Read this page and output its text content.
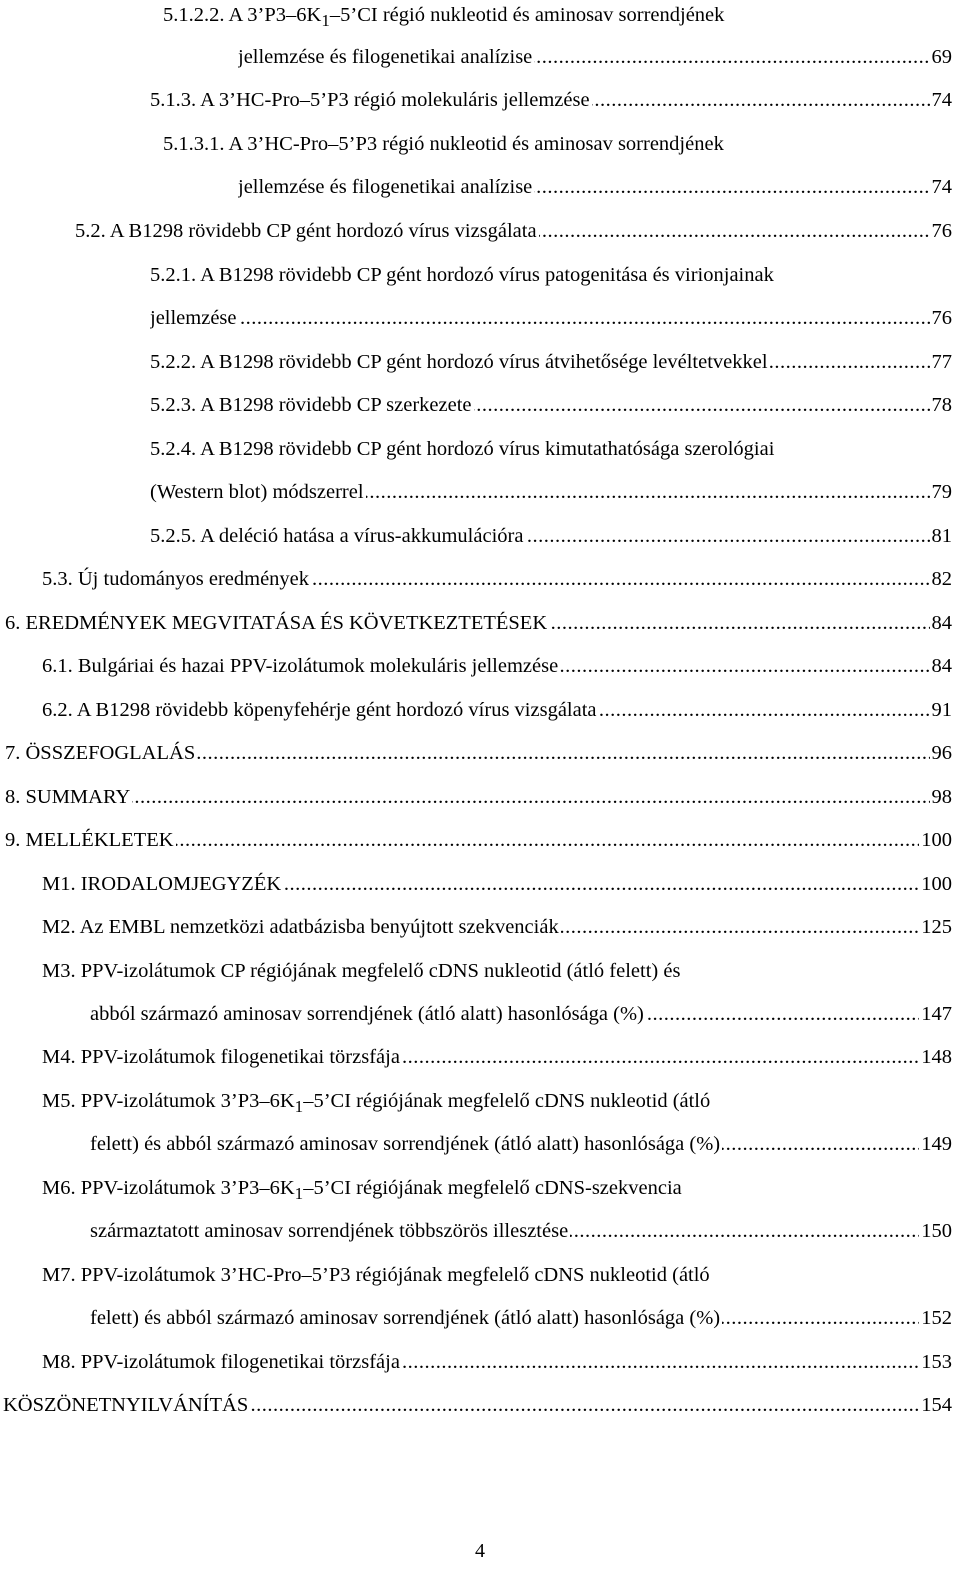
5.1.2.2. A $3’P3-6K_1-5’CI$ régió nukleotid és aminosav sorrendjének
jellemzése és filogenetikai analízise .....	69
5.1.3. A 3’HC-Pro–5’P3 régió molekuláris jellemzése .....	74
5.1.3.1. A 3’HC-Pro–5’P3 régió nukleotid és aminosav sorrendjének
jellemzése és filogenetikai analízise .....	74
5.2. A B1298 rövidebb CP gént hordozó vírus vizsgálata .....	76
5.2.1. A B1298 rövidebb CP gént hordozó vírus patogenitása és virionjainak
jellemzése .....	76
5.2.2. A B1298 rövidebb CP gént hordozó vírus átvihetősége levéltetvekkel .....	77
5.2.3. A B1298 rövidebb CP szerkezete .....	78
5.2.4. A B1298 rövidebb CP gént hordozó vírus kimutathatósága szerológiai
(Western blot) módszerrel .....	79
5.2.5. A deléció hatása a vírus-akkumulációra .....	81
5.3. Új tudományos eredmények .....	82
6. EREDMÉNYEK MEGVITATÁSA ÉS KÖVETKEZTETÉSEK .....	84
6.1. Bulgáriai és hazai PPV-izolátumok molekuláris jellemzése .....	84
6.2. A B1298 rövidebb köpenyfehérje gént hordozó vírus vizsgálata .....	91
7. ÖSSZEFOGLALÁS .....	96
8. SUMMARY .....	98
9. MELLÉKLETEK .....	100
M1. IRODALOMJEGYZÉK .....	100
M2. Az EMBL nemzetközi adatbázisba benyújtott szekvenciák .....	125
M3. PPV-izolátumok CP régiójának megfelelő cDNS nukleotid (átló felett) és
abból származó aminosav sorrendjének (átló alatt) hasonlósága (%) .....	147
M4. PPV-izolátumok filogenetikai törzsfája .....	148
M5. PPV-izolátumok $3’P3-6K_1-5’CI$ régiójának megfelelő cDNS nukleotid (átló
felett) és abból származó aminosav sorrendjének (átló alatt) hasonlósága (%) .....	149
M6. PPV-izolátumok $3’P3-6K_1-5’CI$ régiójának megfelelő cDNS-szekvencia
származtatott aminosav sorrendjének többszörös illesztése .....	150
M7. PPV-izolátumok 3’HC-Pro–5’P3 régiójának megfelelő cDNS nukleotid (átló
felett) és abból származó aminosav sorrendjének (átló alatt) hasonlósága (%) .....	152
M8. PPV-izolátumok filogenetikai törzsfája .....	153
KÖSZÖNETNYILVÁNÍTÁS .....	154
4
